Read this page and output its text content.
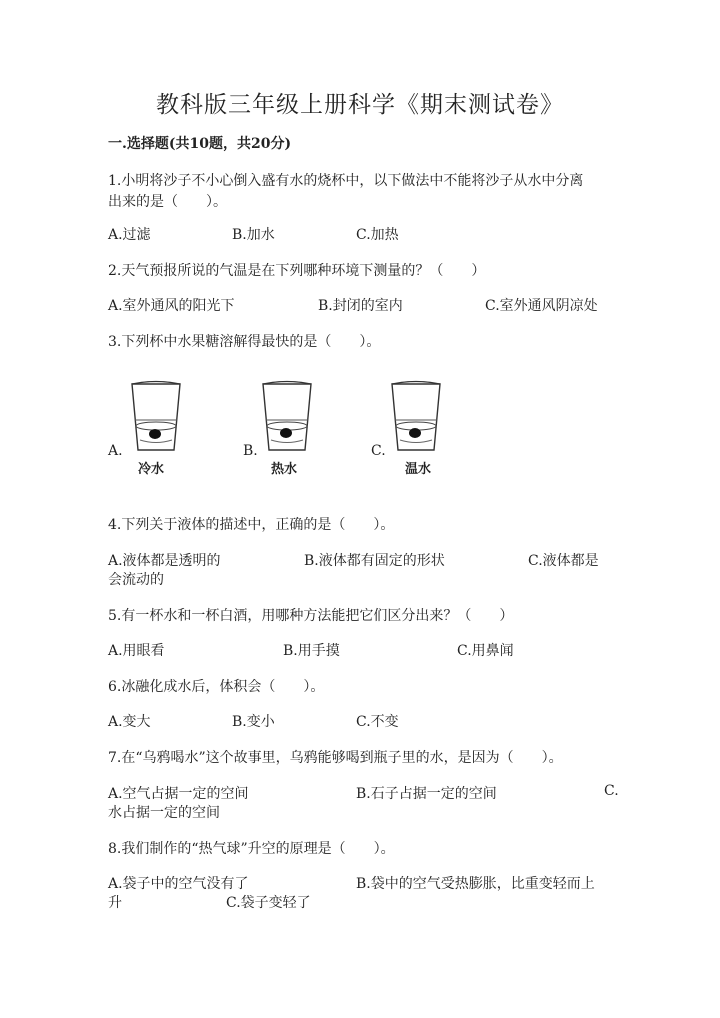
教科版三年级上册科学《期末测试卷》
一.选择题(共10题，共20分)
1.小明将沙子不小心倒入盛有水的烧杯中，以下做法中不能将沙子从水中分离
出来的是（　　）。
A.过滤	B.加水	C.加热
2.天气预报所说的气温是在下列哪种环境下测量的？（　　）
A.室外通风的阳光下	B.封闭的室内	C.室外通风阴凉处
3.下列杯中水果糖溶解得最快的是（　　）。
A.	B.	C.
冷水	热水	温水
4.下列关于液体的描述中，正确的是（　　）。
A.液体都是透明的	B.液体都有固定的形状	C.液体都是
会流动的
5.有一杯水和一杯白酒，用哪种方法能把它们区分出来？（　　）
A.用眼看	B.用手摸	C.用鼻闻
6.冰融化成水后，体积会（　　）。
A.变大	B.变小	C.不变
7.在“乌鸦喝水”这个故事里，乌鸦能够喝到瓶子里的水，是因为（　　）。
A.空气占据一定的空间	B.石子占据一定的空间	C.
水占据一定的空间
8.我们制作的“热气球”升空的原理是（　　）。
A.袋子中的空气没有了	B.袋中的空气受热膨胀，比重变轻而上
升	C.袋子变轻了
